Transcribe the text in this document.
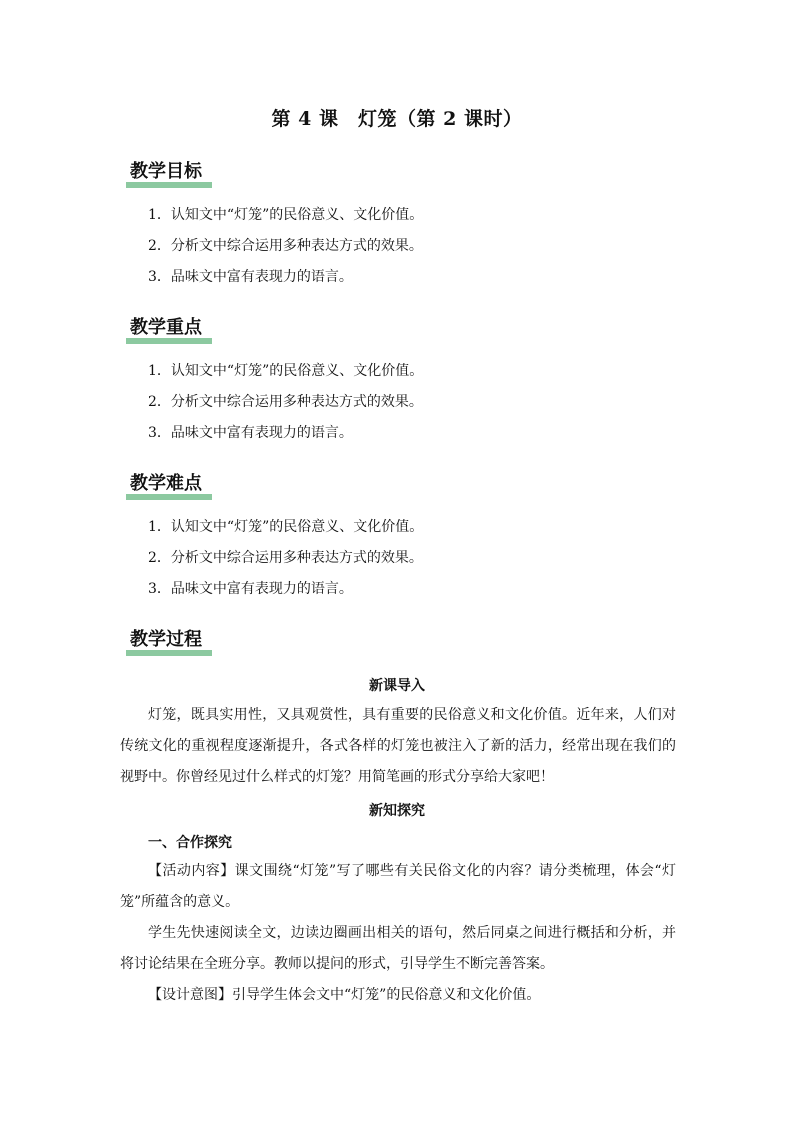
第 4 课　灯笼（第 2 课时）
教学目标
1．认知文中“灯笼”的民俗意义、文化价值。
2．分析文中综合运用多种表达方式的效果。
3．品味文中富有表现力的语言。
教学重点
1．认知文中“灯笼”的民俗意义、文化价值。
2．分析文中综合运用多种表达方式的效果。
3．品味文中富有表现力的语言。
教学难点
1．认知文中“灯笼”的民俗意义、文化价值。
2．分析文中综合运用多种表达方式的效果。
3．品味文中富有表现力的语言。
教学过程
新课导入
灯笼，既具实用性，又具观赏性，具有重要的民俗意义和文化价值。近年来，人们对传统文化的重视程度逐渐提升，各式各样的灯笼也被注入了新的活力，经常出现在我们的视野中。你曾经见过什么样式的灯笼？用简笔画的形式分享给大家吧！
新知探究
一、合作探究
【活动内容】课文围绕“灯笼”写了哪些有关民俗文化的内容？请分类梳理，体会“灯笼”所蕴含的意义。
学生先快速阅读全文，边读边圈画出相关的语句，然后同桌之间进行概括和分析，并将讨论结果在全班分享。教师以提问的形式，引导学生不断完善答案。
【设计意图】引导学生体会文中“灯笼”的民俗意义和文化价值。
